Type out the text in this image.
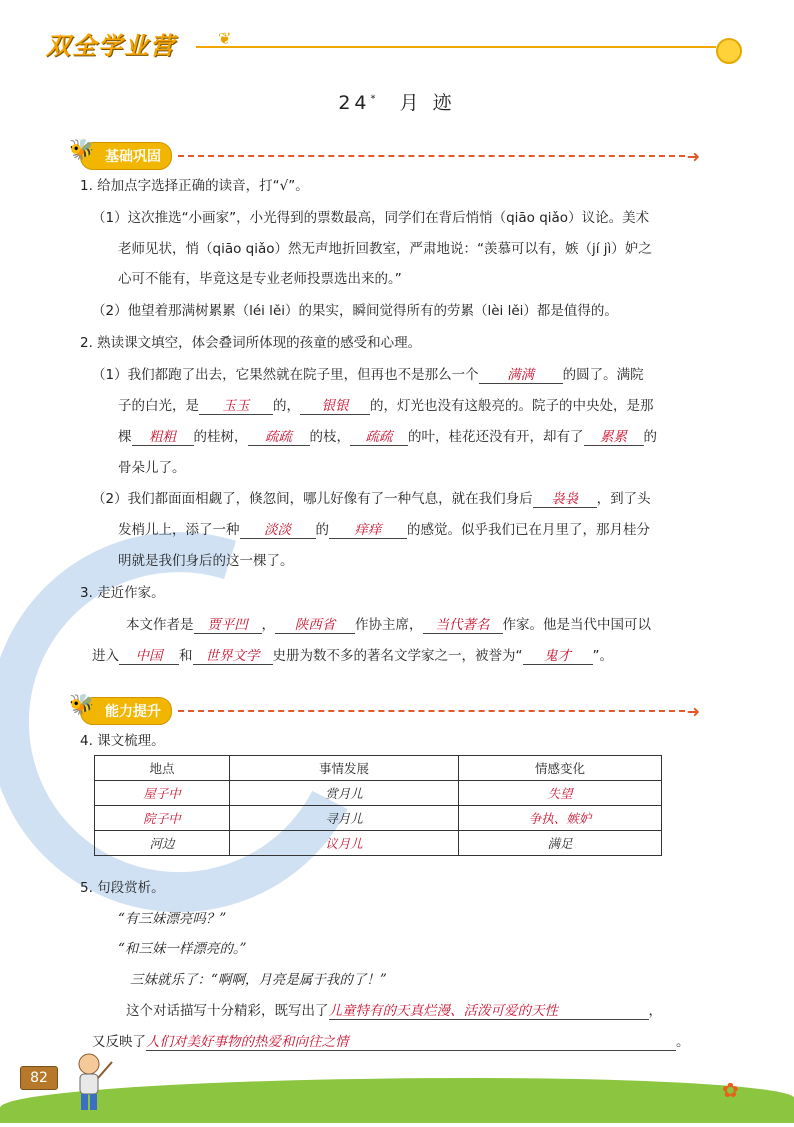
双全学业营	❦
24* 月 迹
🐝 基础巩固	➜
1. 给加点字选择正确的读音，打“√”。
（1）这次推选“小画家”，小光得到的票数最高，同学们在背后悄悄（qiāo qiǎo）议论。美术
老师见状，悄（qiāo qiǎo）然无声地折回教室，严肃地说：“羡慕可以有，嫉（jí jì）妒之
心可不能有，毕竟这是专业老师投票选出来的。”
（2）他望着那满树累累（léi lěi）的果实，瞬间觉得所有的劳累（lèi lěi）都是值得的。
2. 熟读课文填空，体会叠词所体现的孩童的感受和心理。
（1）我们都跑了出去，它果然就在院子里，但再也不是那么一个 满满 的圆了。满院
子的白光，是 玉玉 的， 银银 的，灯光也没有这般亮的。院子的中央处，是那
棵 粗粗 的桂树， 疏疏 的枝， 疏疏 的叶，桂花还没有开，却有了 累累 的
骨朵儿了。
（2）我们都面面相觑了，倏忽间，哪儿好像有了一种气息，就在我们身后 袅袅 ，到了头
发梢儿上，添了一种 淡淡 的 痒痒 的感觉。似乎我们已在月里了，那月桂分
明就是我们身后的这一棵了。
3. 走近作家。
本文作者是 贾平凹 ， 陕西省 作协主席， 当代著名 作家。他是当代中国可以
进入 中国 和 世界文学 史册为数不多的著名文学家之一，被誉为“ 鬼才 ”。
🐝 能力提升	➜
4. 课文梳理。
地点	事情发展	情感变化
屋子中	赏月儿	失望
院子中	寻月儿	争执、嫉妒
河边	议月儿	满足
5. 句段赏析。
“有三妹漂亮吗？”
“和三妹一样漂亮的。”
三妹就乐了：“啊啊，月亮是属于我的了！”
这个对话描写十分精彩，既写出了儿童特有的天真烂漫、活泼可爱的天性	，
又反映了人们对美好事物的热爱和向往之情	。
82	✿
